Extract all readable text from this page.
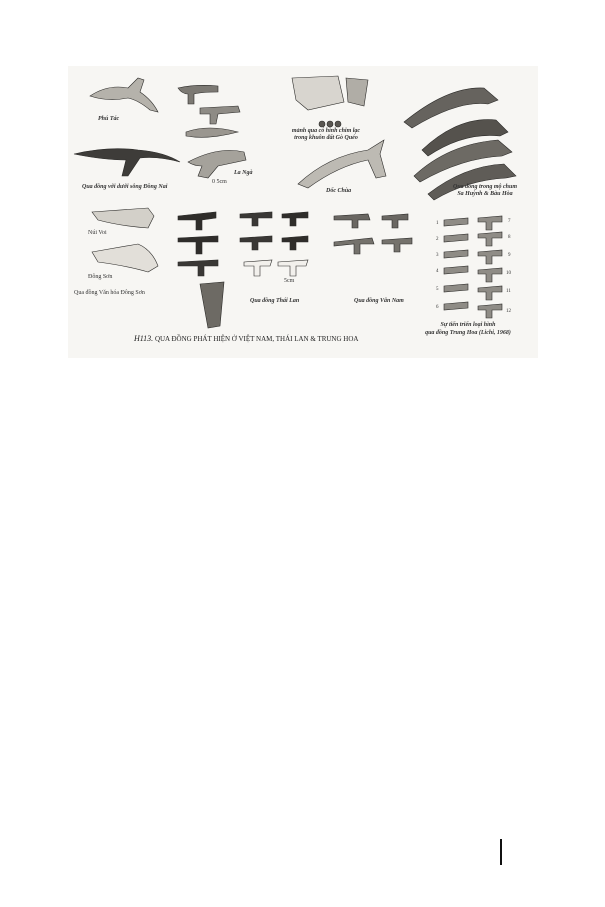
Phú Tác
Qua đồng với dưới sông Đồng Nai
La Ngà
0 5cm
mảnh qua có hình chim lạc
trong khuôn đất Gò Quéo
Dốc Chùa
Qua đồng trong mộ chum
Sa Huỳnh & Bàu Hòa
Núi Voi
Đông Sơn
Qua đồng Văn hóa Đông Sơn
Qua đồng Thái Lan
5cm
Qua đồng Vân Nam
Sự tiến triển loại hình
qua đồng Trung Hoa (Lichi, 1968)
1
2
3
4
5
6
7
8
9
10
11
12
H113. QUA ĐỒNG PHÁT HIỆN Ở VIỆT NAM, THÁI LAN & TRUNG HOA
